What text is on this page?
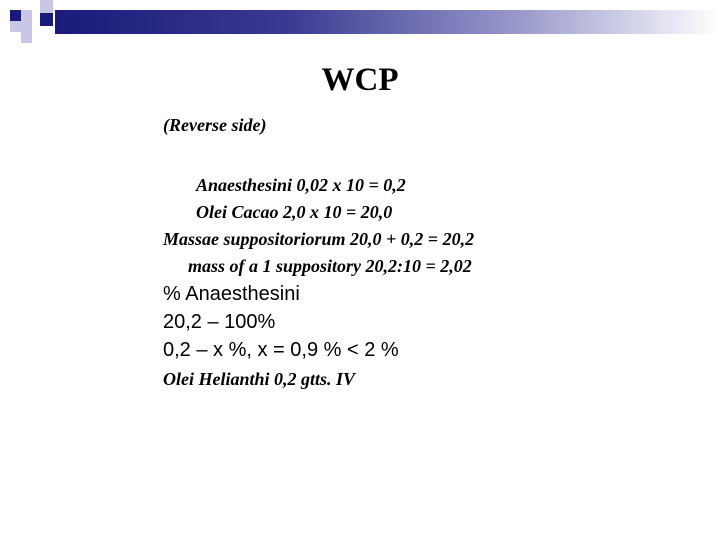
WCP
(Reverse side)
Anaesthesini 0,02 x 10 = 0,2
Olei Cacao 2,0 x 10 = 20,0
Massae suppositoriorum 20,0 + 0,2 = 20,2
mass of a 1 suppository 20,2:10 = 2,02
% Anaesthesini
20,2 – 100%
0,2 – x %, x = 0,9 % < 2 %
Olei Helianthi 0,2 gtts. IV
